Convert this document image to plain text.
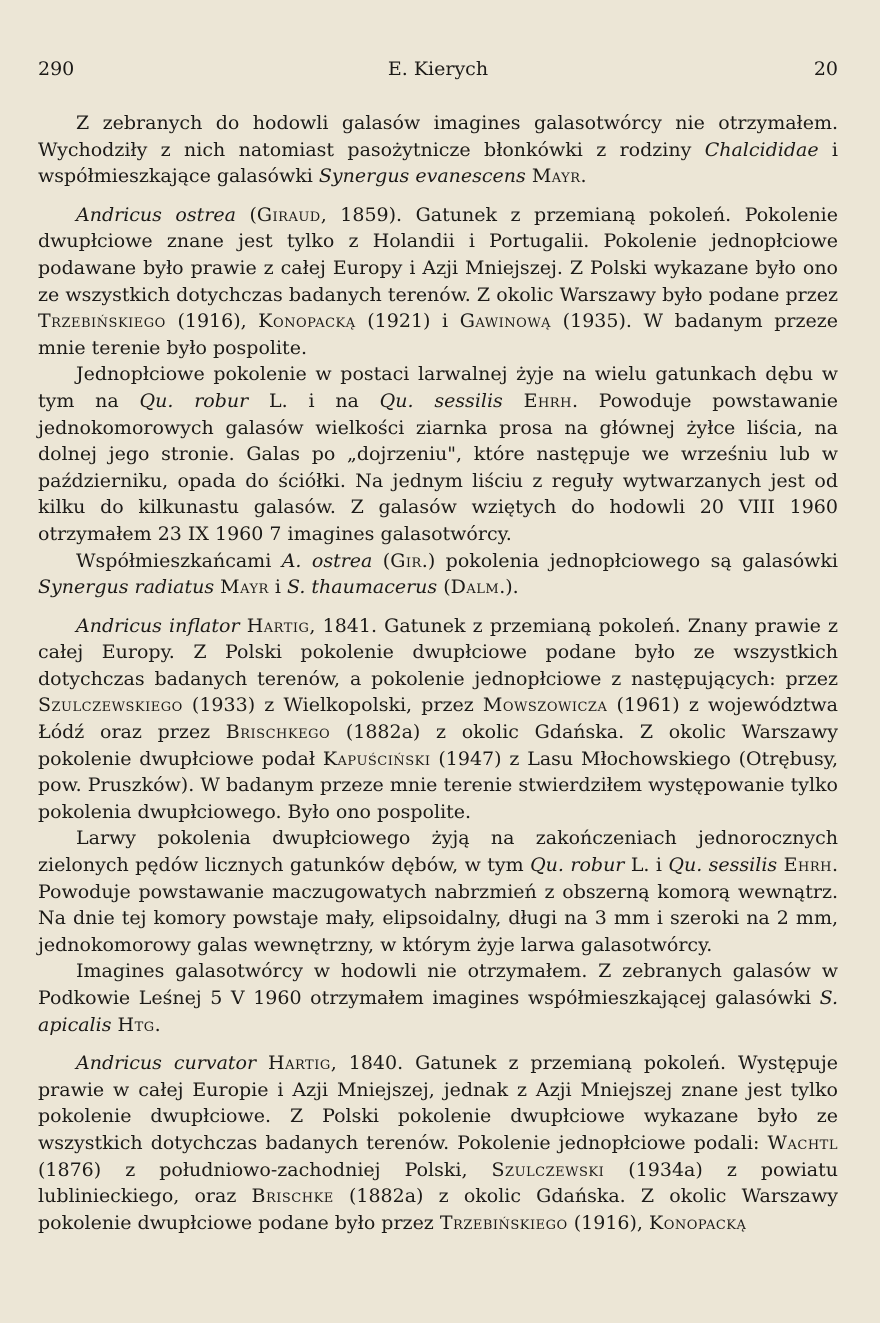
290	E. Kierych	20

Z zebranych do hodowli galasów imagines galasotwórcy nie otrzymałem. Wychodziły z nich natomiast pasożytnicze błonkówki z rodziny Chalcididae i współmieszkające galasówki Synergus evanescens Mayr.

Andricus ostrea (Giraud, 1859). Gatunek z przemianą pokoleń. Pokolenie dwupłciowe znane jest tylko z Holandii i Portugalii. Pokolenie jednopłciowe podawane było prawie z całej Europy i Azji Mniejszej. Z Polski wykazane było ono ze wszystkich dotychczas badanych terenów. Z okolic Warszawy było podane przez Trzebińskiego (1916), Konopacką (1921) i Gawinową (1935). W badanym przeze mnie terenie było pospolite.

Jednopłciowe pokolenie w postaci larwalnej żyje na wielu gatunkach dębu w tym na Qu. robur L. i na Qu. sessilis Ehrh. Powoduje powstawanie jednokomorowych galasów wielkości ziarnka prosa na głównej żyłce liścia, na dolnej jego stronie. Galas po „dojrzeniu", które następuje we wrześniu lub w październiku, opada do ściółki. Na jednym liściu z reguły wytwarzanych jest od kilku do kilkunastu galasów. Z galasów wziętych do hodowli 20 VIII 1960 otrzymałem 23 IX 1960 7 imagines galasotwórcy.

Współmieszkańcami A. ostrea (Gir.) pokolenia jednopłciowego są galasówki Synergus radiatus Mayr i S. thaumacerus (Dalm.).

Andricus inflator Hartig, 1841. Gatunek z przemianą pokoleń. Znany prawie z całej Europy. Z Polski pokolenie dwupłciowe podane było ze wszystkich dotychczas badanych terenów, a pokolenie jednopłciowe z następujących: przez Szulczewskiego (1933) z Wielkopolski, przez Mowszowicza (1961) z województwa Łódź oraz przez Brischkego (1882a) z okolic Gdańska. Z okolic Warszawy pokolenie dwupłciowe podał Kapuściński (1947) z Lasu Młochowskiego (Otrębusy, pow. Pruszków). W badanym przeze mnie terenie stwierdziłem występowanie tylko pokolenia dwupłciowego. Było ono pospolite.

Larwy pokolenia dwupłciowego żyją na zakończeniach jednorocznych zielonych pędów licznych gatunków dębów, w tym Qu. robur L. i Qu. sessilis Ehrh. Powoduje powstawanie maczugowatych nabrzmień z obszerną komorą wewnątrz. Na dnie tej komory powstaje mały, elipsoidalny, długi na 3 mm i szeroki na 2 mm, jednokomorowy galas wewnętrzny, w którym żyje larwa galasotwórcy.

Imagines galasotwórcy w hodowli nie otrzymałem. Z zebranych galasów w Podkowie Leśnej 5 V 1960 otrzymałem imagines współmieszkającej galasówki S. apicalis Htg.

Andricus curvator Hartig, 1840. Gatunek z przemianą pokoleń. Występuje prawie w całej Europie i Azji Mniejszej, jednak z Azji Mniejszej znane jest tylko pokolenie dwupłciowe. Z Polski pokolenie dwupłciowe wykazane było ze wszystkich dotychczas badanych terenów. Pokolenie jednopłciowe podali: Wachtl (1876) z południowo-zachodniej Polski, Szulczewski (1934a) z powiatu lublinieckiego, oraz Brischke (1882a) z okolic Gdańska. Z okolic Warszawy pokolenie dwupłciowe podane było przez Trzebińskiego (1916), Konopacką
